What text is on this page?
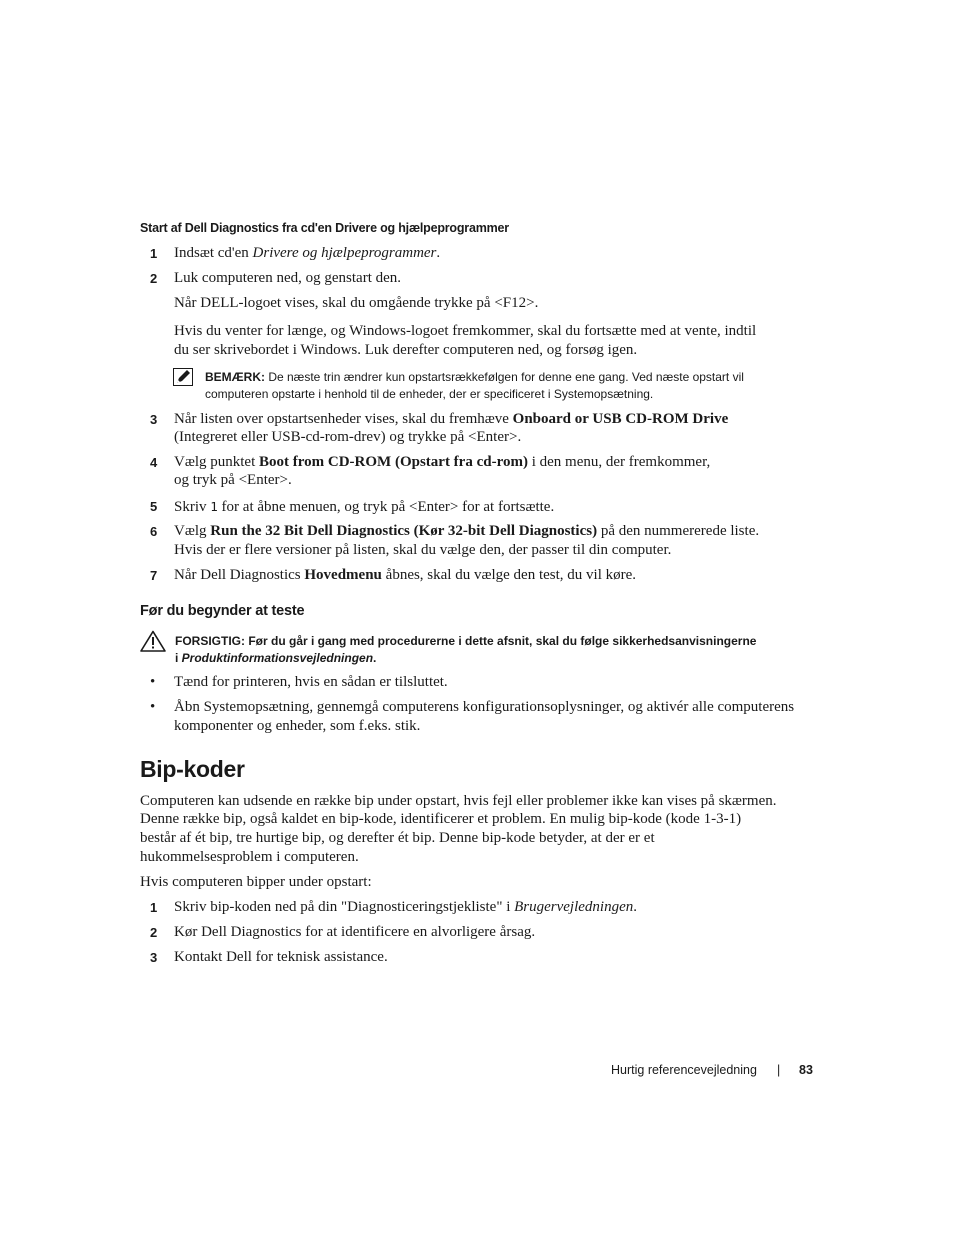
Start af Dell Diagnostics fra cd'en Drivere og hjælpeprogrammer
1	Indsæt cd'en Drivere og hjælpeprogrammer.
2	Luk computeren ned, og genstart den.
Når DELL-logoet vises, skal du omgående trykke på <F12>.
Hvis du venter for længe, og Windows-logoet fremkommer, skal du fortsætte med at vente, indtil
du ser skrivebordet i Windows. Luk derefter computeren ned, og forsøg igen.
BEMÆRK: De næste trin ændrer kun opstartsrækkefølgen for denne ene gang. Ved næste opstart vil
computeren opstarte i henhold til de enheder, der er specificeret i Systemopsætning.
3	Når listen over opstartsenheder vises, skal du fremhæve Onboard or USB CD-ROM Drive
(Integreret eller USB-cd-rom-drev) og trykke på <Enter>.
4	Vælg punktet Boot from CD-ROM (Opstart fra cd-rom) i den menu, der fremkommer,
og tryk på <Enter>.
5	Skriv 1 for at åbne menuen, og tryk på <Enter> for at fortsætte.
6	Vælg Run the 32 Bit Dell Diagnostics (Kør 32-bit Dell Diagnostics) på den nummererede liste.
Hvis der er flere versioner på listen, skal du vælge den, der passer til din computer.
7	Når Dell Diagnostics Hovedmenu åbnes, skal du vælge den test, du vil køre.
Før du begynder at teste
FORSIGTIG: Før du går i gang med procedurerne i dette afsnit, skal du følge sikkerhedsanvisningerne
i Produktinformationsvejledningen.
• Tænd for printeren, hvis en sådan er tilsluttet.
• Åbn Systemopsætning, gennemgå computerens konfigurationsoplysninger, og aktivér alle computerens
komponenter og enheder, som f.eks. stik.
Bip-koder
Computeren kan udsende en række bip under opstart, hvis fejl eller problemer ikke kan vises på skærmen.
Denne række bip, også kaldet en bip-kode, identificerer et problem. En mulig bip-kode (kode 1-3-1)
består af ét bip, tre hurtige bip, og derefter ét bip. Denne bip-kode betyder, at der er et
hukommelsesproblem i computeren.
Hvis computeren bipper under opstart:
1	Skriv bip-koden ned på din "Diagnosticeringstjekliste" i Brugervejledningen.
2	Kør Dell Diagnostics for at identificere en alvorligere årsag.
3	Kontakt Dell for teknisk assistance.
Hurtig referencevejledning | 83
